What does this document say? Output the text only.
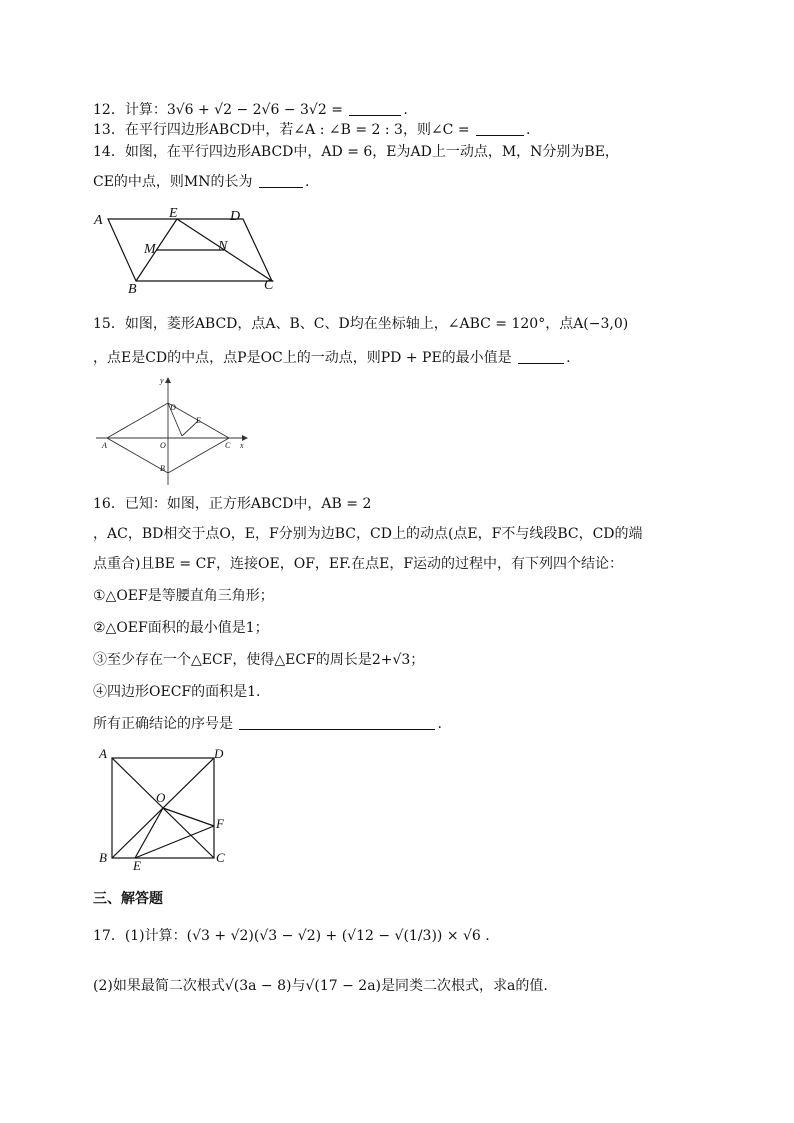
12．计算：3√6 + √2 − 2√6 − 3√2 =	.
13．在平行四边形ABCD中，若∠A : ∠B = 2 : 3，则∠C =	.
14．如图，在平行四边形ABCD中，AD = 6，E为AD上一动点，M，N分别为BE，
CE的中点，则MN的长为	.
A	E	D
M	N
B	C
15．如图，菱形ABCD，点A、B、C、D均在坐标轴上，∠ABC = 120°，点A(−3,0)
，点E是CD的中点，点P是OC上的一动点，则PD + PE的最小值是	.
y
x
D
E
A	O	C
B
16．已知：如图，正方形ABCD中，AB = 2
，AC，BD相交于点O，E，F分别为边BC，CD上的动点(点E，F不与线段BC，CD的端
点重合)且BE = CF，连接OE，OF，EF.在点E，F运动的过程中，有下列四个结论：
①△OEF是等腰直角三角形；
②△OEF面积的最小值是1；
③至少存在一个△ECF，使得△ECF的周长是2+√3；
④四边形OECF的面积是1.
所有正确结论的序号是	.
A	D
O
F
B
E
C
三、解答题
17．(1)计算：(√3 + √2)(√3 − √2) + (√12 − √(1/3)) × √6 .
(2)如果最简二次根式√(3a − 8)与√(17 − 2a)是同类二次根式，求a的值.
